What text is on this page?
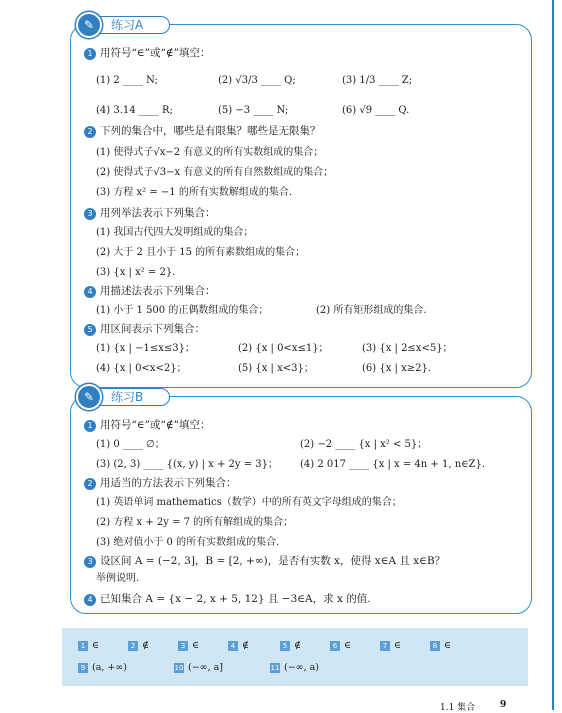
✎	练习A
1 用符号“∈”或“∉”填空：
(1) 2 ____ N;	(2) √3/3 ____ Q;	(3) 1/3 ____ Z;
(4) 3.14 ____ R;	(5) −3 ____ N;	(6) √9 ____ Q.
2 下列的集合中，哪些是有限集？哪些是无限集？
(1) 使得式子√x−2 有意义的所有实数组成的集合；
(2) 使得式子√3−x 有意义的所有自然数组成的集合；
(3) 方程 x² = −1 的所有实数解组成的集合.
3 用列举法表示下列集合：
(1) 我国古代四大发明组成的集合；
(2) 大于 2 且小于 15 的所有素数组成的集合；
(3) {x | x² = 2}.
4 用描述法表示下列集合：
(1) 小于 1 500 的正偶数组成的集合；	(2) 所有矩形组成的集合.
5 用区间表示下列集合：
(1) {x | −1≤x≤3}；	(2) {x | 0<x≤1}；	(3) {x | 2≤x<5}；
(4) {x | 0<x<2}；	(5) {x | x<3}；	(6) {x | x≥2}.
✎	练习B
1 用符号“∈”或“∉”填空：
(1) 0 ____ ∅；	(2) −2 ____ {x | x² < 5}；
(3) (2, 3) ____ {(x, y) | x + 2y = 3}； (4) 2 017 ____ {x | x = 4n + 1, n∈Z}.
2 用适当的方法表示下列集合：
(1) 英语单词 mathematics（数学）中的所有英文字母组成的集合；
(2) 方程 x + 2y = 7 的所有解组成的集合；
(3) 绝对值小于 0 的所有实数组成的集合.
3 设区间 A = (−2, 3]，B = [2, +∞)，是否有实数 x，使得 x∈A 且 x∈B？
举例说明.
4 已知集合 A = {x − 2, x + 5, 12} 且 −3∈A，求 x 的值.
1 ∈	2 ∉	3 ∈	4 ∉	5 ∉	6 ∈	7 ∈	8 ∈
9 (a, +∞)	10 (−∞, a]	11 (−∞, a)
1.1 集合	9
